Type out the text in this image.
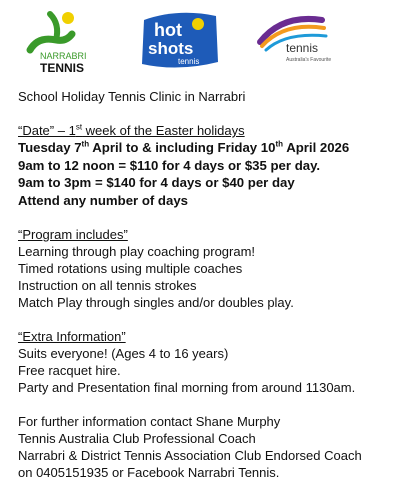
NARRABRI
TENNIS
hot
shots
tennis
tennis
Australia's Favourite
School Holiday Tennis Clinic in Narrabri
“Date” – 1st week of the Easter holidays
Tuesday 7th April to & including Friday 10th April 2026
9am to 12 noon = $110 for 4 days or $35 per day.
9am to 3pm = $140 for 4 days or $40 per day
Attend any number of days
“Program includes”
Learning through play coaching program!
Timed rotations using multiple coaches
Instruction on all tennis strokes
Match Play through singles and/or doubles play.
“Extra Information”
Suits everyone! (Ages 4 to 16 years)
Free racquet hire.
Party and Presentation final morning from around 1130am.
For further information contact Shane Murphy
Tennis Australia Club Professional Coach
Narrabri & District Tennis Association Club Endorsed Coach
on 0405151935 or Facebook Narrabri Tennis.
